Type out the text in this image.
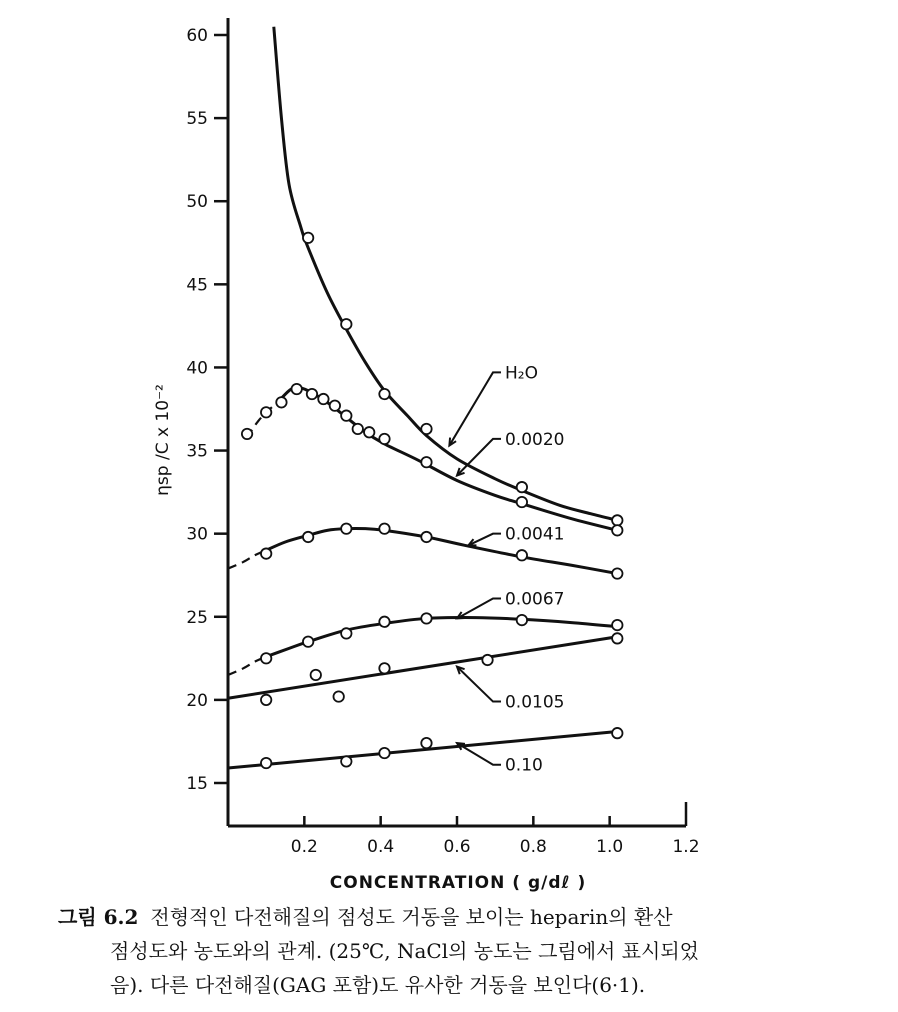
15
20
25
30
35
40
45
50
55
60
0.2	0.4	0.6	0.8	1.0	1.2
H₂O
0.0020
0.0041
0.0067
0.0105
0.10
ηsp /C x 10⁻²
CONCENTRATION ( g/dℓ )
그림 6.2 전형적인 다전해질의 점성도 거동을 보이는 heparin의 환산
점성도와 농도와의 관계. (25℃, NaCl의 농도는 그림에서 표시되었
음). 다른 다전해질(GAG 포함)도 유사한 거동을 보인다(6·1).
